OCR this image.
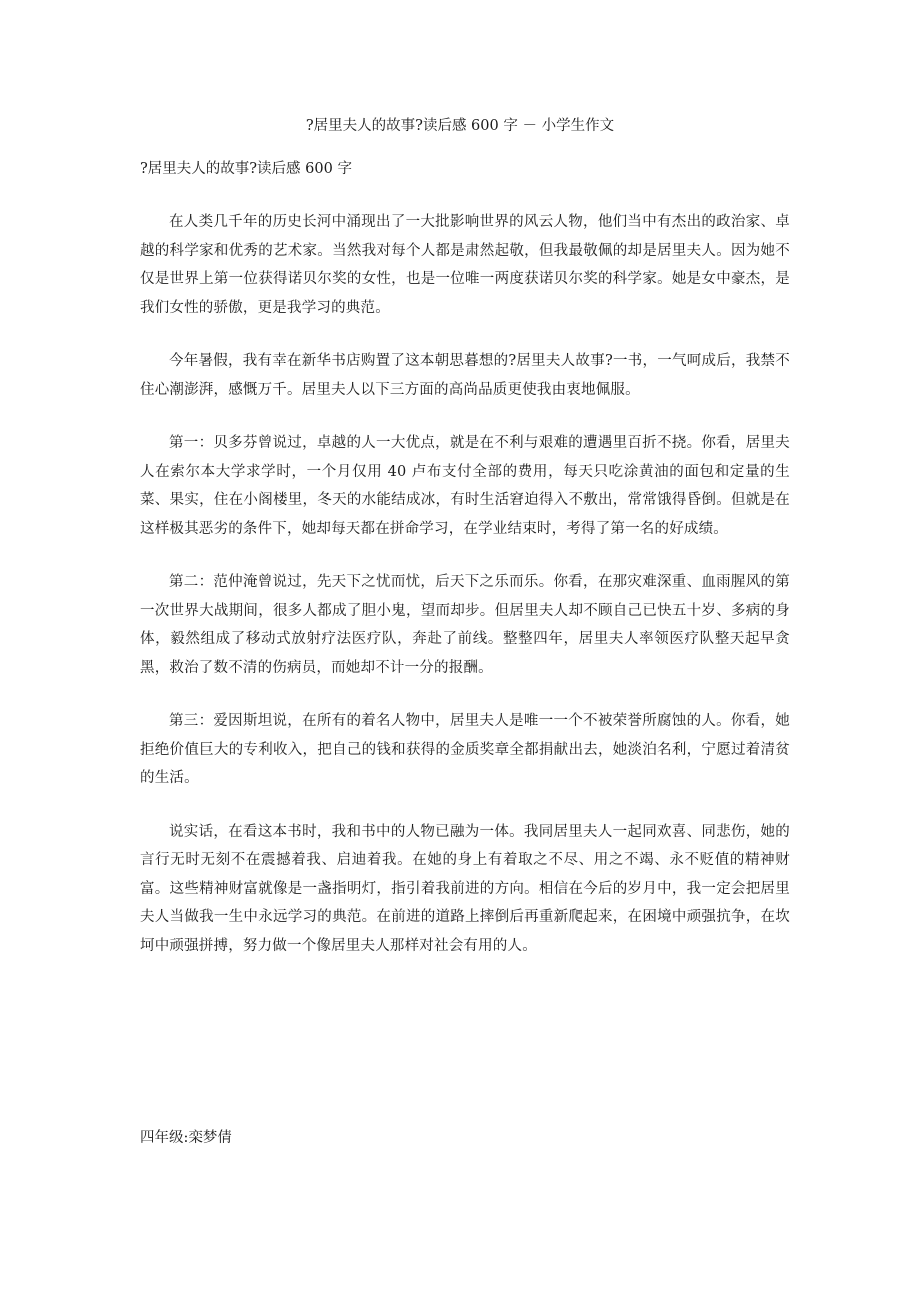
?居里夫人的故事?读后感 600 字 － 小学生作文

?居里夫人的故事?读后感 600 字

在人类几千年的历史长河中涌现出了一大批影响世界的风云人物，他们当中有杰出的政治家、卓越的科学家和优秀的艺术家。当然我对每个人都是肃然起敬，但我最敬佩的却是居里夫人。因为她不仅是世界上第一位获得诺贝尔奖的女性，也是一位唯一两度获诺贝尔奖的科学家。她是女中豪杰，是我们女性的骄傲，更是我学习的典范。

今年暑假，我有幸在新华书店购置了这本朝思暮想的?居里夫人故事?一书，一气呵成后，我禁不住心潮澎湃，感慨万千。居里夫人以下三方面的高尚品质更使我由衷地佩服。

第一：贝多芬曾说过，卓越的人一大优点，就是在不利与艰难的遭遇里百折不挠。你看，居里夫人在索尔本大学求学时，一个月仅用 40 卢布支付全部的费用，每天只吃涂黄油的面包和定量的生菜、果实，住在小阁楼里，冬天的水能结成冰，有时生活窘迫得入不敷出，常常饿得昏倒。但就是在这样极其恶劣的条件下，她却每天都在拼命学习，在学业结束时，考得了第一名的好成绩。

第二：范仲淹曾说过，先天下之忧而忧，后天下之乐而乐。你看，在那灾难深重、血雨腥风的第一次世界大战期间，很多人都成了胆小鬼，望而却步。但居里夫人却不顾自己已快五十岁、多病的身体，毅然组成了移动式放射疗法医疗队，奔赴了前线。整整四年，居里夫人率领医疗队整天起早贪黑，救治了数不清的伤病员，而她却不计一分的报酬。

第三：爱因斯坦说，在所有的着名人物中，居里夫人是唯一一个不被荣誉所腐蚀的人。你看，她拒绝价值巨大的专利收入，把自己的钱和获得的金质奖章全都捐献出去，她淡泊名利，宁愿过着清贫的生活。

说实话，在看这本书时，我和书中的人物已融为一体。我同居里夫人一起同欢喜、同悲伤，她的言行无时无刻不在震撼着我、启迪着我。在她的身上有着取之不尽、用之不竭、永不贬值的精神财富。这些精神财富就像是一盏指明灯，指引着我前进的方向。相信在今后的岁月中，我一定会把居里夫人当做我一生中永远学习的典范。在前进的道路上摔倒后再重新爬起来，在困境中顽强抗争，在坎坷中顽强拼搏，努力做一个像居里夫人那样对社会有用的人。

四年级:栾梦倩
